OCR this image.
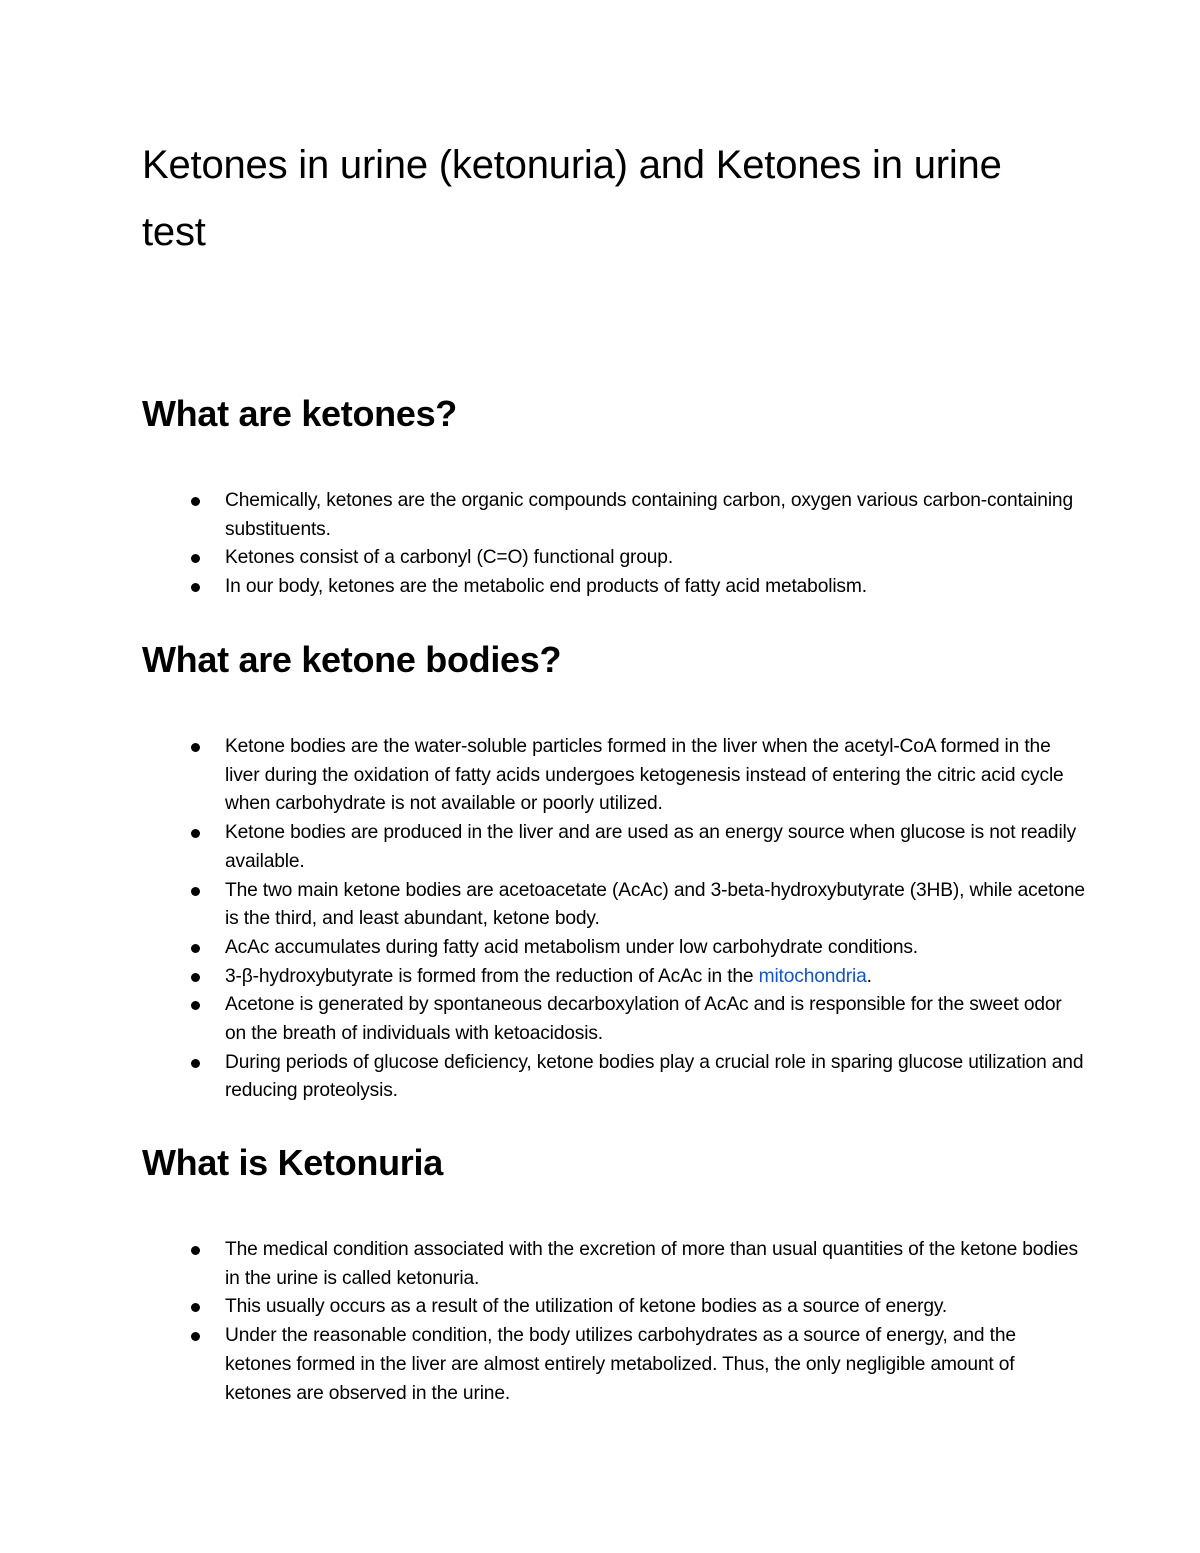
Ketones in urine (ketonuria) and Ketones in urine test
What are ketones?
Chemically, ketones are the organic compounds containing carbon, oxygen various carbon-containing substituents.
Ketones consist of a carbonyl (C=O) functional group.
In our body, ketones are the metabolic end products of fatty acid metabolism.
What are ketone bodies?
Ketone bodies are the water-soluble particles formed in the liver when the acetyl-CoA formed in the liver during the oxidation of fatty acids undergoes ketogenesis instead of entering the citric acid cycle when carbohydrate is not available or poorly utilized.
Ketone bodies are produced in the liver and are used as an energy source when glucose is not readily available.
The two main ketone bodies are acetoacetate (AcAc) and 3-beta-hydroxybutyrate (3HB), while acetone is the third, and least abundant, ketone body.
AcAc accumulates during fatty acid metabolism under low carbohydrate conditions.
3-β-hydroxybutyrate is formed from the reduction of AcAc in the mitochondria.
Acetone is generated by spontaneous decarboxylation of AcAc and is responsible for the sweet odor on the breath of individuals with ketoacidosis.
During periods of glucose deficiency, ketone bodies play a crucial role in sparing glucose utilization and reducing proteolysis.
What is Ketonuria
The medical condition associated with the excretion of more than usual quantities of the ketone bodies in the urine is called ketonuria.
This usually occurs as a result of the utilization of ketone bodies as a source of energy.
Under the reasonable condition, the body utilizes carbohydrates as a source of energy, and the ketones formed in the liver are almost entirely metabolized. Thus, the only negligible amount of ketones are observed in the urine.
